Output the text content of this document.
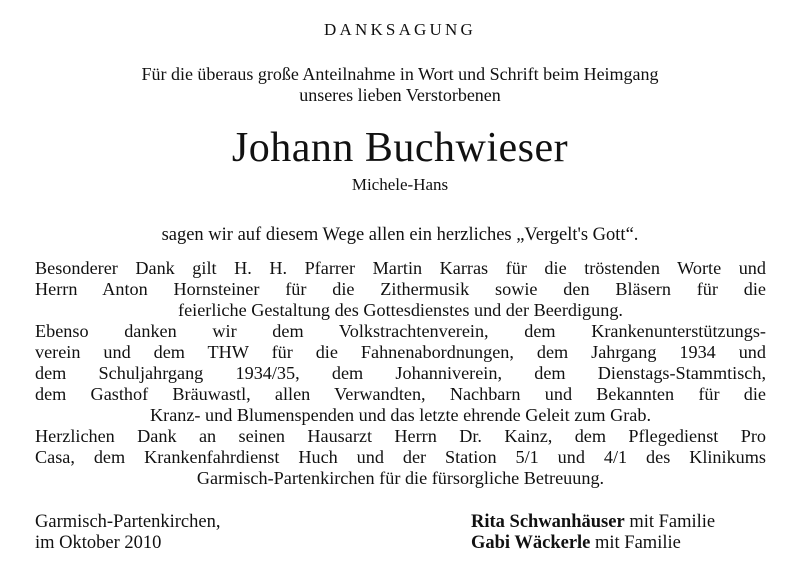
DANKSAGUNG
Für die überaus große Anteilnahme in Wort und Schrift beim Heimgang
unseres lieben Verstorbenen
Johann Buchwieser
Michele-Hans
sagen wir auf diesem Wege allen ein herzliches „Vergelt's Gott“.
Besonderer Dank gilt H. H. Pfarrer Martin Karras für die tröstenden Worte und
Herrn Anton Hornsteiner für die Zithermusik sowie den Bläsern für die
feierliche Gestaltung des Gottesdienstes und der Beerdigung.
Ebenso danken wir dem Volkstrachtenverein, dem Krankenunterstützungs-
verein und dem THW für die Fahnenabordnungen, dem Jahrgang 1934 und
dem Schuljahrgang 1934/35, dem Johanniverein, dem Dienstags-Stammtisch,
dem Gasthof Bräuwastl, allen Verwandten, Nachbarn und Bekannten für die
Kranz- und Blumenspenden und das letzte ehrende Geleit zum Grab.
Herzlichen Dank an seinen Hausarzt Herrn Dr. Kainz, dem Pflegedienst Pro
Casa, dem Krankenfahrdienst Huch und der Station 5/1 und 4/1 des Klinikums
Garmisch-Partenkirchen für die fürsorgliche Betreuung.
Garmisch-Partenkirchen,
im Oktober 2010
Rita Schwanhäuser mit Familie
Gabi Wäckerle mit Familie
